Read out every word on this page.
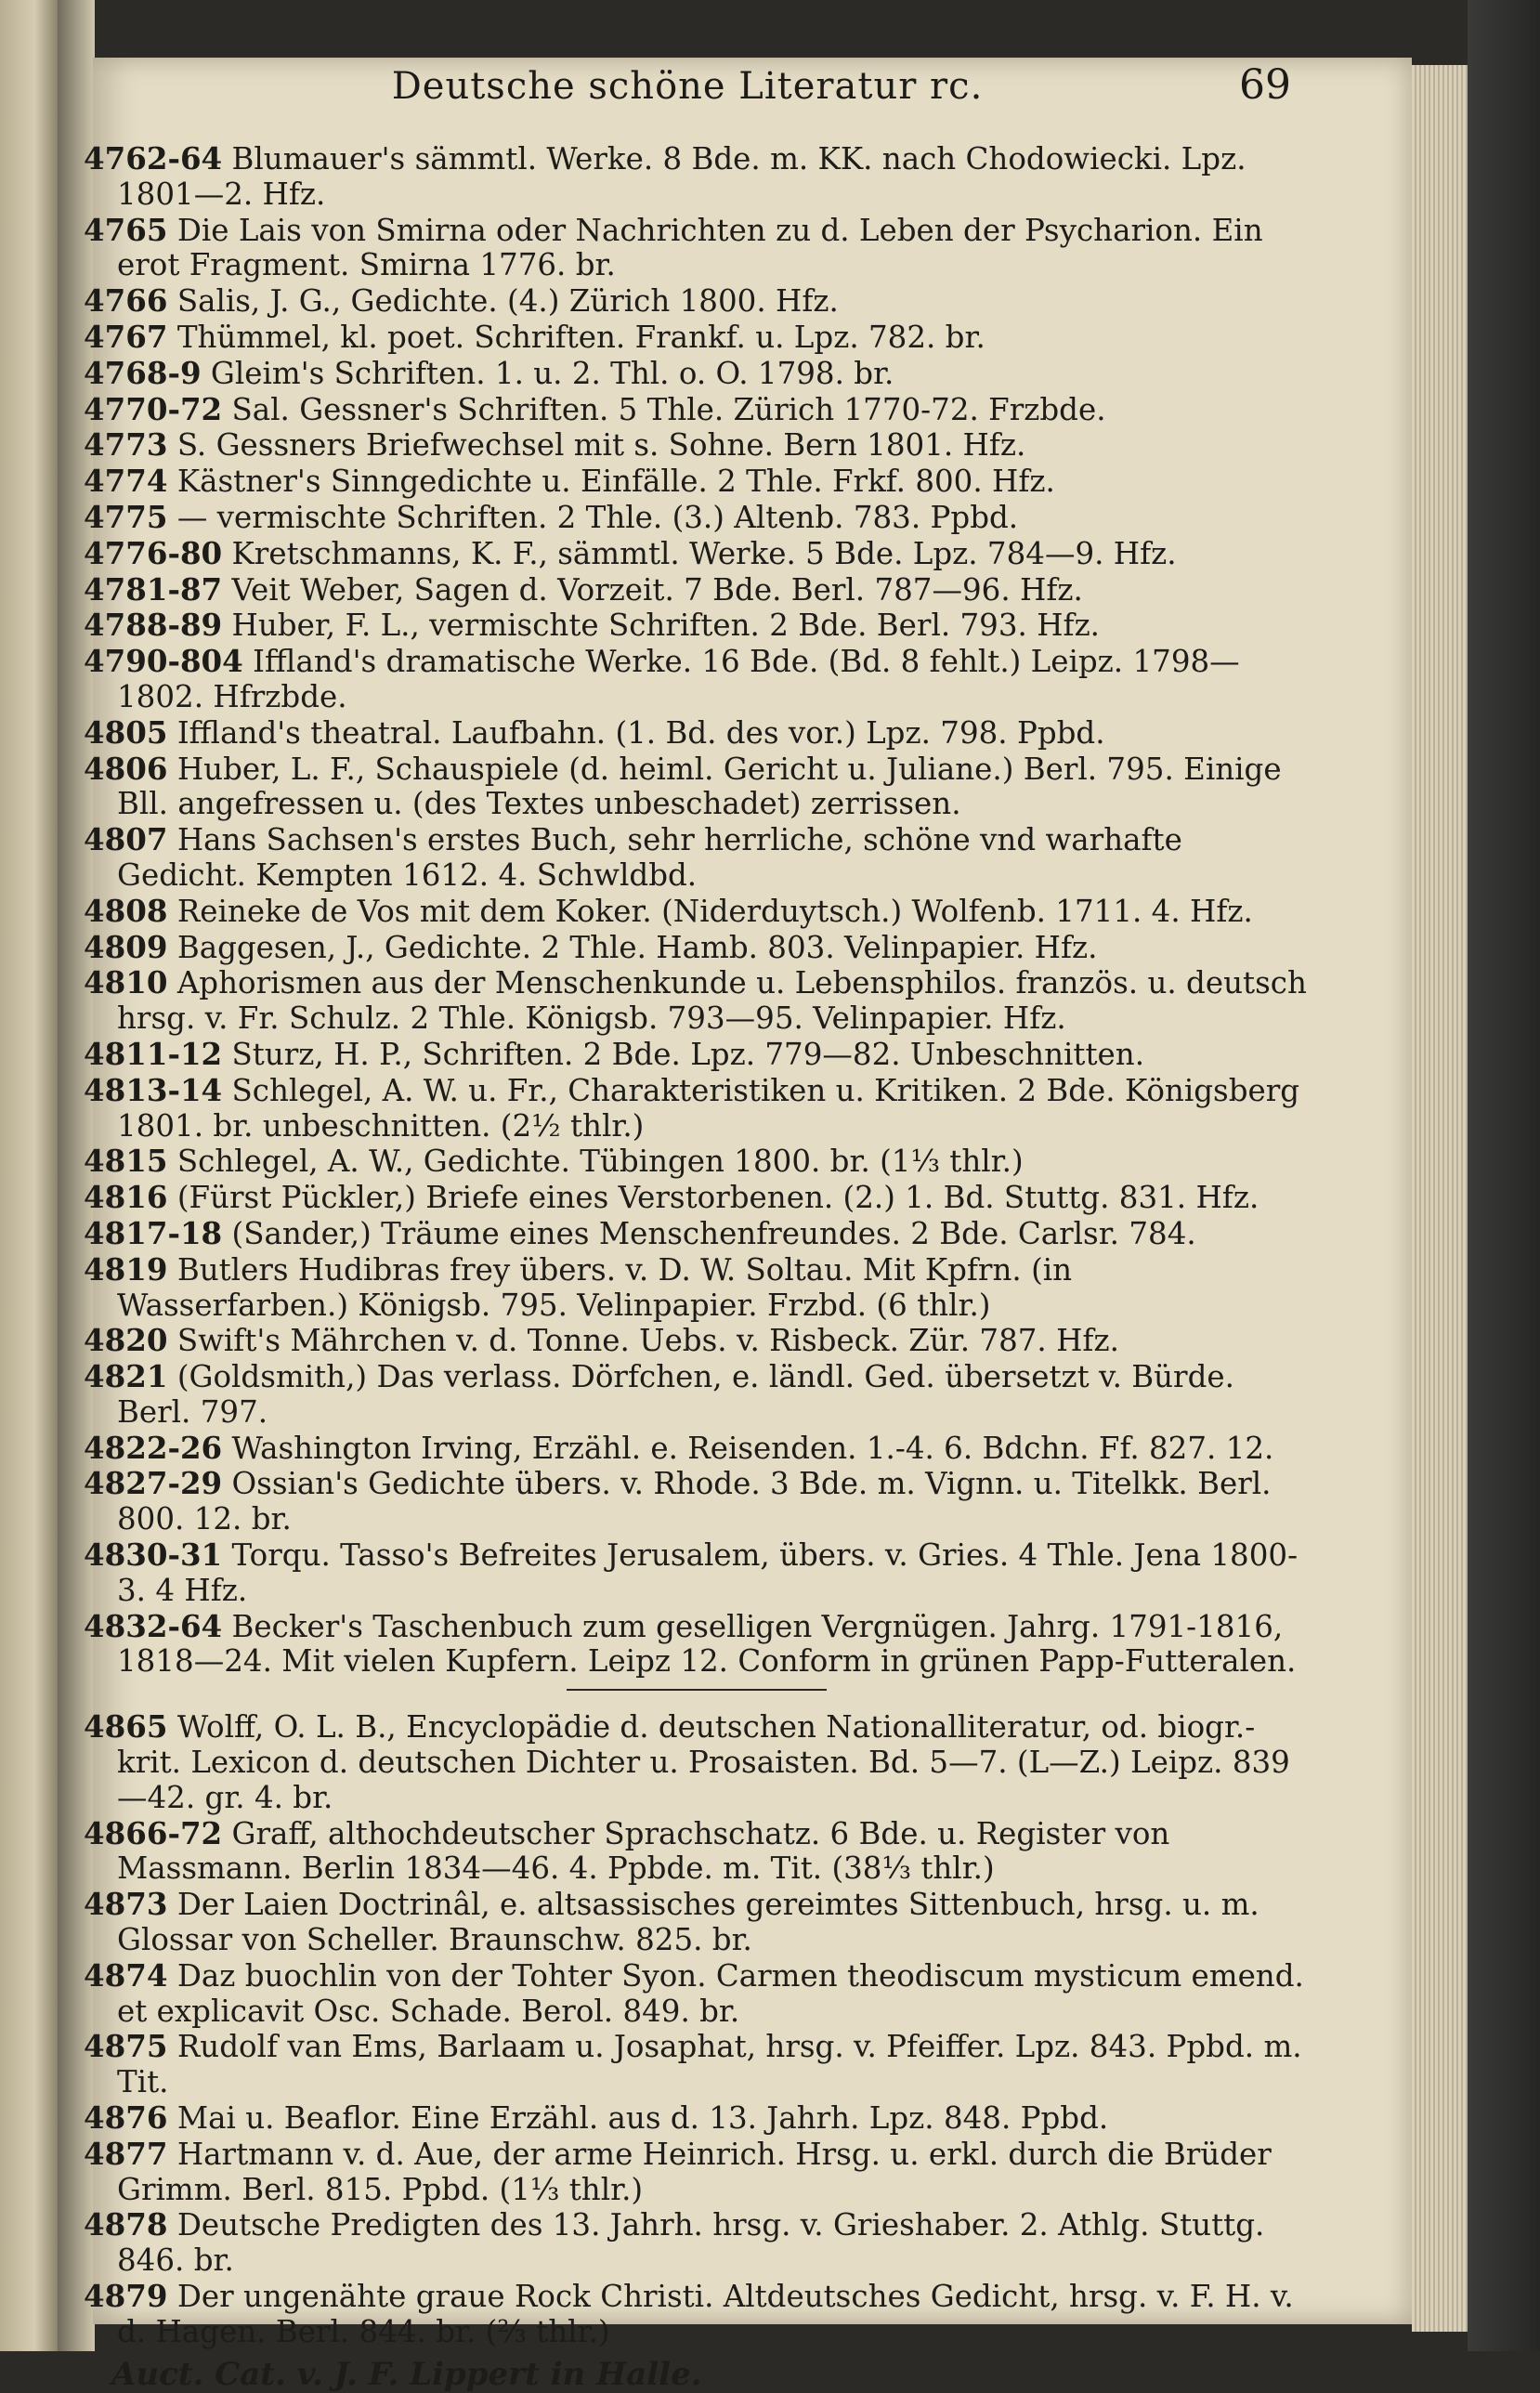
Deutsche schöne Literatur rc.	69

4762-64 Blumauer's sämmtl. Werke. 8 Bde. m. KK. nach Chodowiecki. Lpz. 1801—2. Hfz.

4765 Die Lais von Smirna oder Nachrichten zu d. Leben der Psycharion. Ein erot Fragment. Smirna 1776. br.

4766 Salis, J. G., Gedichte. (4.) Zürich 1800. Hfz.

4767 Thümmel, kl. poet. Schriften. Frankf. u. Lpz. 782. br.

4768-9 Gleim's Schriften. 1. u. 2. Thl. o. O. 1798. br.

4770-72 Sal. Gessner's Schriften. 5 Thle. Zürich 1770-72. Frzbde.

4773 S. Gessners Briefwechsel mit s. Sohne. Bern 1801. Hfz.

4774 Kästner's Sinngedichte u. Einfälle. 2 Thle. Frkf. 800. Hfz.

4775 — vermischte Schriften. 2 Thle. (3.) Altenb. 783. Ppbd.

4776-80 Kretschmanns, K. F., sämmtl. Werke. 5 Bde. Lpz. 784—9. Hfz.

4781-87 Veit Weber, Sagen d. Vorzeit. 7 Bde. Berl. 787—96. Hfz.

4788-89 Huber, F. L., vermischte Schriften. 2 Bde. Berl. 793. Hfz.

4790-804 Iffland's dramatische Werke. 16 Bde. (Bd. 8 fehlt.) Leipz. 1798—1802. Hfrzbde.

4805 Iffland's theatral. Laufbahn. (1. Bd. des vor.) Lpz. 798. Ppbd.

4806 Huber, L. F., Schauspiele (d. heiml. Gericht u. Juliane.) Berl. 795. Einige Bll. angefressen u. (des Textes unbeschadet) zerrissen.

4807 Hans Sachsen's erstes Buch, sehr herrliche, schöne vnd warhafte Gedicht. Kempten 1612. 4. Schwldbd.

4808 Reineke de Vos mit dem Koker. (Niderduytsch.) Wolfenb. 1711. 4. Hfz.

4809 Baggesen, J., Gedichte. 2 Thle. Hamb. 803. Velinpapier. Hfz.

4810 Aphorismen aus der Menschenkunde u. Lebensphilos. französ. u. deutsch hrsg. v. Fr. Schulz. 2 Thle. Königsb. 793—95. Velinpapier. Hfz.

4811-12 Sturz, H. P., Schriften. 2 Bde. Lpz. 779—82. Unbeschnitten.

4813-14 Schlegel, A. W. u. Fr., Charakteristiken u. Kritiken. 2 Bde. Königsberg 1801. br. unbeschnitten. (2½ thlr.)

4815 Schlegel, A. W., Gedichte. Tübingen 1800. br. (1⅓ thlr.)

4816 (Fürst Pückler,) Briefe eines Verstorbenen. (2.) 1. Bd. Stuttg. 831. Hfz.

4817-18 (Sander,) Träume eines Menschenfreundes. 2 Bde. Carlsr. 784.

4819 Butlers Hudibras frey übers. v. D. W. Soltau. Mit Kpfrn. (in Wasserfarben.) Königsb. 795. Velinpapier. Frzbd. (6 thlr.)

4820 Swift's Mährchen v. d. Tonne. Uebs. v. Risbeck. Zür. 787. Hfz.

4821 (Goldsmith,) Das verlass. Dörfchen, e. ländl. Ged. übersetzt v. Bürde. Berl. 797.

4822-26 Washington Irving, Erzähl. e. Reisenden. 1.-4. 6. Bdchn. Ff. 827. 12.

4827-29 Ossian's Gedichte übers. v. Rhode. 3 Bde. m. Vignn. u. Titelkk. Berl. 800. 12. br.

4830-31 Torqu. Tasso's Befreites Jerusalem, übers. v. Gries. 4 Thle. Jena 1800-3. 4 Hfz.

4832-64 Becker's Taschenbuch zum geselligen Vergnügen. Jahrg. 1791-1816, 1818—24. Mit vielen Kupfern. Leipz 12. Conform in grünen Papp-Futteralen.

4865 Wolff, O. L. B., Encyclopädie d. deutschen Nationalliteratur, od. biogr.-krit. Lexicon d. deutschen Dichter u. Prosaisten. Bd. 5—7. (L—Z.) Leipz. 839—42. gr. 4. br.

4866-72 Graff, althochdeutscher Sprachschatz. 6 Bde. u. Register von Massmann. Berlin 1834—46. 4. Ppbde. m. Tit. (38⅓ thlr.)

4873 Der Laien Doctrinâl, e. altsassisches gereimtes Sittenbuch, hrsg. u. m. Glossar von Scheller. Braunschw. 825. br.

4874 Daz buochlin von der Tohter Syon. Carmen theodiscum mysticum emend. et explicavit Osc. Schade. Berol. 849. br.

4875 Rudolf van Ems, Barlaam u. Josaphat, hrsg. v. Pfeiffer. Lpz. 843. Ppbd. m. Tit.

4876 Mai u. Beaflor. Eine Erzähl. aus d. 13. Jahrh. Lpz. 848. Ppbd.

4877 Hartmann v. d. Aue, der arme Heinrich. Hrsg. u. erkl. durch die Brüder Grimm. Berl. 815. Ppbd. (1⅓ thlr.)

4878 Deutsche Predigten des 13. Jahrh. hrsg. v. Grieshaber. 2. Athlg. Stuttg. 846. br.

4879 Der ungenähte graue Rock Christi. Altdeutsches Gedicht, hrsg. v. F. H. v. d. Hagen. Berl. 844. br. (⅔ thlr.)

Auct. Cat. v. J. F. Lippert in Halle.
